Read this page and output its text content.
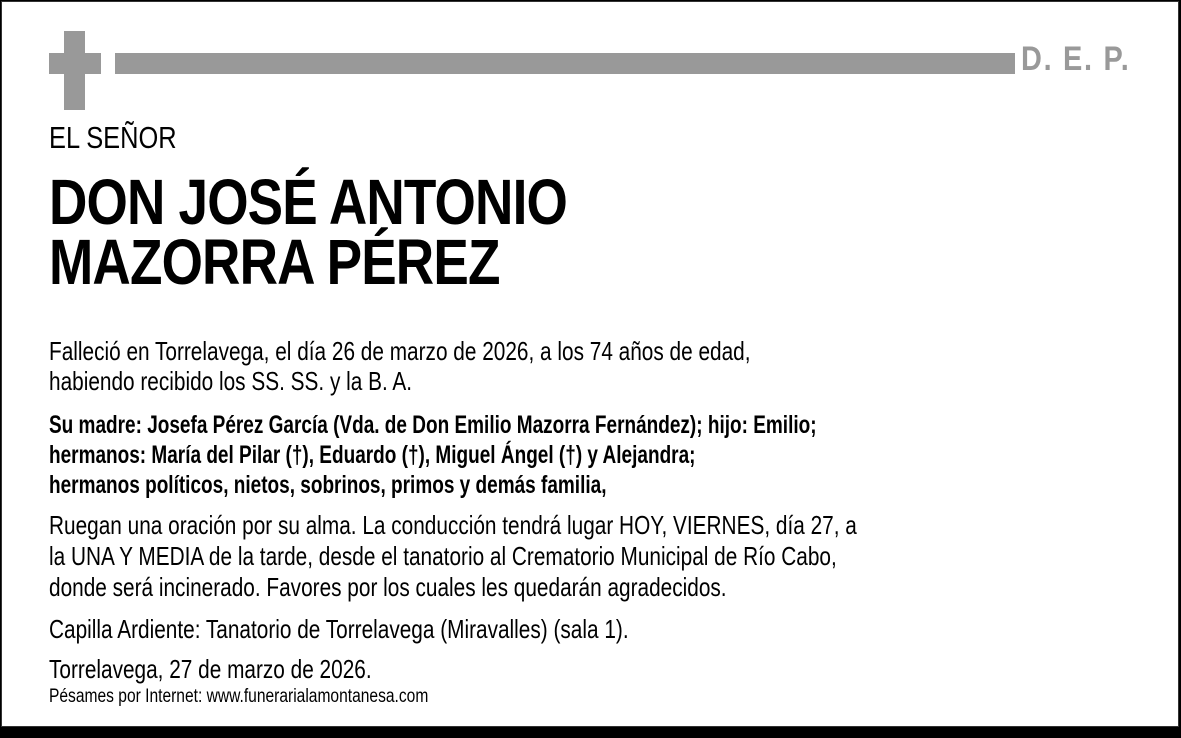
D. E. P.
EL SEÑOR
DON JOSÉ ANTONIO
MAZORRA PÉREZ
Falleció en Torrelavega, el día 26 de marzo de 2026, a los 74 años de edad,
habiendo recibido los SS. SS. y la B. A.
Su madre: Josefa Pérez García (Vda. de Don Emilio Mazorra Fernández); hijo: Emilio;
hermanos: María del Pilar (†), Eduardo (†), Miguel Ángel (†) y Alejandra;
hermanos políticos, nietos, sobrinos, primos y demás familia,
Ruegan una oración por su alma. La conducción tendrá lugar HOY, VIERNES, día 27, a
la UNA Y MEDIA de la tarde, desde el tanatorio al Crematorio Municipal de Río Cabo,
donde será incinerado. Favores por los cuales les quedarán agradecidos.
Capilla Ardiente: Tanatorio de Torrelavega (Miravalles) (sala 1).
Torrelavega, 27 de marzo de 2026.
Pésames por Internet: www.funerarialamontanesa.com
